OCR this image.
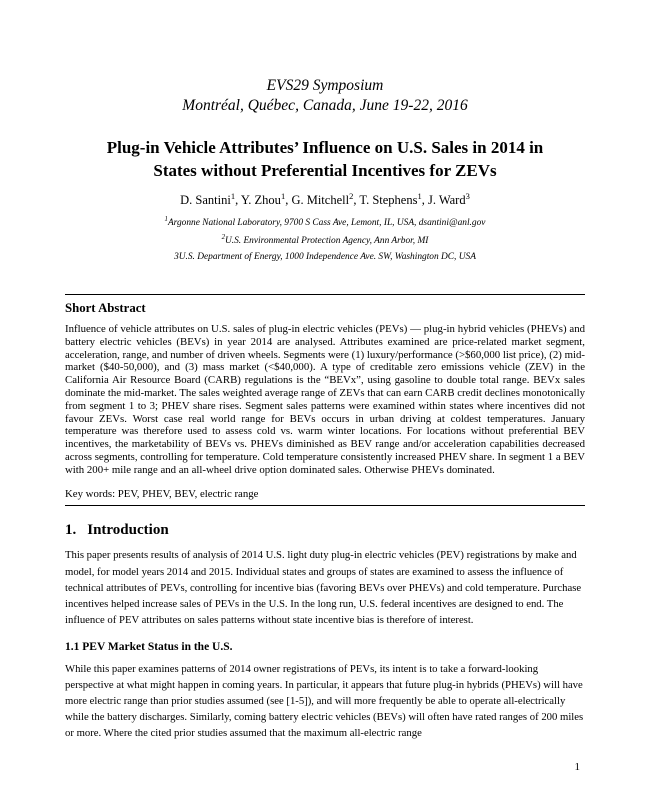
EVS29 Symposium
Montréal, Québec, Canada, June 19-22, 2016
Plug-in Vehicle Attributes’ Influence on U.S. Sales in 2014 in
States without Preferential Incentives for ZEVs
D. Santini$^1$, Y. Zhou$^1$, G. Mitchell$^2$, T. Stephens$^1$, J. Ward$^3$
$^1$Argonne National Laboratory, 9700 S Cass Ave, Lemont, IL, USA, dsantini@anl.gov
$^2$U.S. Environmental Protection Agency, Ann Arbor, MI
3U.S. Department of Energy, 1000 Independence Ave. SW, Washington DC, USA
Short Abstract

Influence of vehicle attributes on U.S. sales of plug-in electric vehicles (PEVs) — plug-in hybrid vehicles (PHEVs) and battery electric vehicles (BEVs) in year 2014 are analysed. Attributes examined are price-related market segment, acceleration, range, and number of driven wheels. Segments were (1) luxury/performance (>$60,000 list price), (2) mid-market ($40-50,000), and (3) mass market (<$40,000). A type of creditable zero emissions vehicle (ZEV) in the California Air Resource Board (CARB) regulations is the “BEVx”, using gasoline to double total range. BEVx sales dominate the mid-market. The sales weighted average range of ZEVs that can earn CARB credit declines monotonically from segment 1 to 3; PHEV share rises. Segment sales patterns were examined within states where incentives did not favour ZEVs. Worst case real world range for BEVs occurs in urban driving at coldest temperatures. January temperature was therefore used to assess cold vs. warm winter locations. For locations without preferential BEV incentives, the marketability of BEVs vs. PHEVs diminished as BEV range and/or acceleration capabilities decreased across segments, controlling for temperature. Cold temperature consistently increased PHEV share. In segment 1 a BEV with 200+ mile range and an all-wheel drive option dominated sales. Otherwise PHEVs dominated.

Key words: PEV, PHEV, BEV, electric range

1. Introduction

This paper presents results of analysis of 2014 U.S. light duty plug-in electric vehicles (PEV) registrations by make and model, for model years 2014 and 2015. Individual states and groups of states are examined to assess the influence of technical attributes of PEVs, controlling for incentive bias (favoring BEVs over PHEVs) and cold temperature. Purchase incentives helped increase sales of PEVs in the U.S. In the long run, U.S. federal incentives are designed to end. The influence of PEV attributes on sales patterns without state incentive bias is therefore of interest.

1.1 PEV Market Status in the U.S.

While this paper examines patterns of 2014 owner registrations of PEVs, its intent is to take a forward-looking perspective at what might happen in coming years. In particular, it appears that future plug-in hybrids (PHEVs) will have more electric range than prior studies assumed (see [1-5]), and will more frequently be able to operate all-electrically while the battery discharges. Similarly, coming battery electric vehicles (BEVs) will often have rated ranges of 200 miles or more. Where the cited prior studies assumed that the maximum all-electric range

1
